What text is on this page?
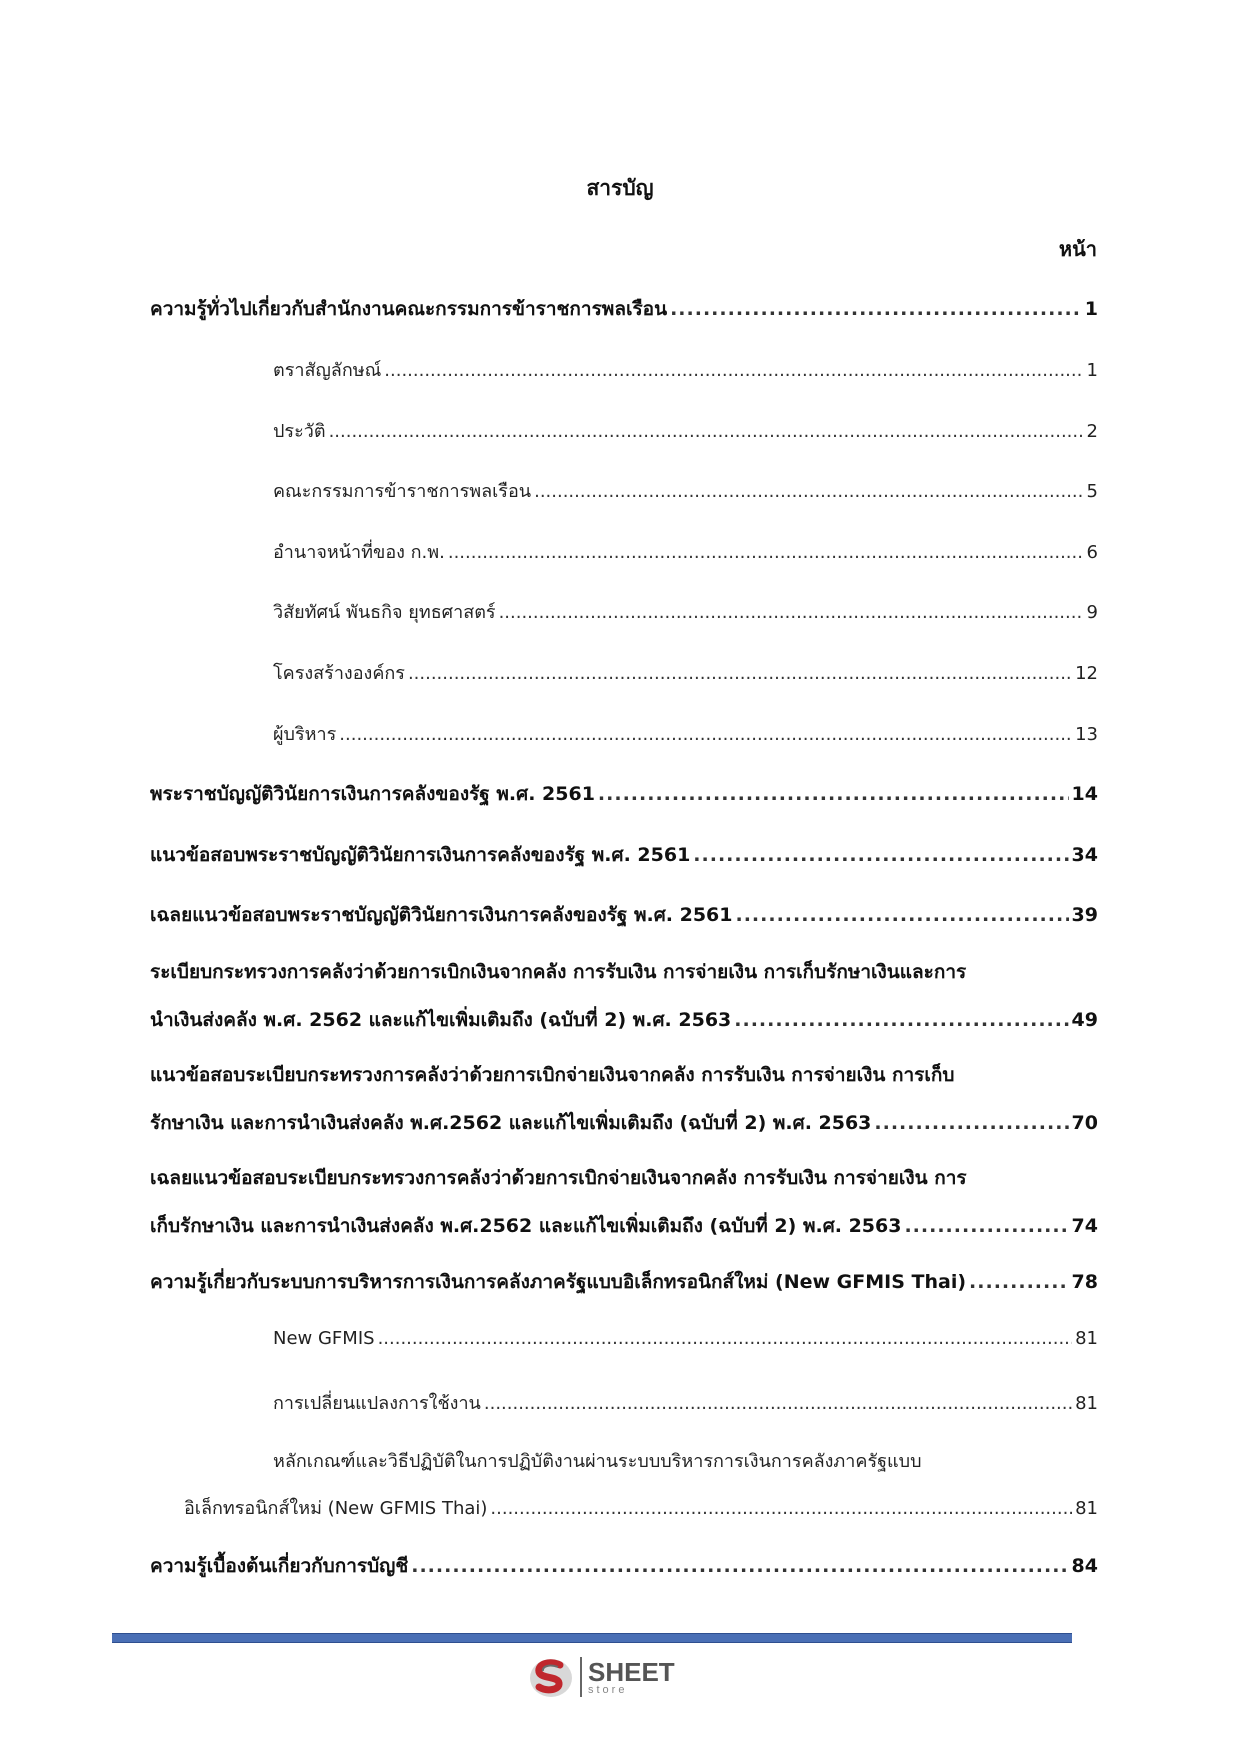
สารบัญ
หน้า
ความรู้ทั่วไปเกี่ยวกับสำนักงานคณะกรรมการข้าราชการพลเรือน .....	1
ตราสัญลักษณ์ .....	1
ประวัติ .....	2
คณะกรรมการข้าราชการพลเรือน .....	5
อำนาจหน้าที่ของ ก.พ. .....	6
วิสัยทัศน์ พันธกิจ ยุทธศาสตร์ .....	9
โครงสร้างองค์กร .....	12
ผู้บริหาร .....	13
พระราชบัญญัติวินัยการเงินการคลังของรัฐ พ.ศ. 2561 .....	14
แนวข้อสอบพระราชบัญญัติวินัยการเงินการคลังของรัฐ พ.ศ. 2561 .....	34
เฉลยแนวข้อสอบพระราชบัญญัติวินัยการเงินการคลังของรัฐ พ.ศ. 2561 .....	39
ระเบียบกระทรวงการคลังว่าด้วยการเบิกเงินจากคลัง การรับเงิน การจ่ายเงิน การเก็บรักษาเงินและการ
นำเงินส่งคลัง พ.ศ. 2562 และแก้ไขเพิ่มเติมถึง (ฉบับที่ 2) พ.ศ. 2563 .....	49
แนวข้อสอบระเบียบกระทรวงการคลังว่าด้วยการเบิกจ่ายเงินจากคลัง การรับเงิน การจ่ายเงิน การเก็บ
รักษาเงิน และการนำเงินส่งคลัง พ.ศ.2562 และแก้ไขเพิ่มเติมถึง (ฉบับที่ 2) พ.ศ. 2563 .....	70
เฉลยแนวข้อสอบระเบียบกระทรวงการคลังว่าด้วยการเบิกจ่ายเงินจากคลัง การรับเงิน การจ่ายเงิน การ
เก็บรักษาเงิน และการนำเงินส่งคลัง พ.ศ.2562 และแก้ไขเพิ่มเติมถึง (ฉบับที่ 2) พ.ศ. 2563 .....	74
ความรู้เกี่ยวกับระบบการบริหารการเงินการคลังภาครัฐแบบอิเล็กทรอนิกส์ใหม่ (New GFMIS Thai) .....	78
New GFMIS .....	81
การเปลี่ยนแปลงการใช้งาน .....	81
หลักเกณฑ์และวิธีปฏิบัติในการปฏิบัติงานผ่านระบบบริหารการเงินการคลังภาครัฐแบบ
อิเล็กทรอนิกส์ใหม่ (New GFMIS Thai) .....	81
ความรู้เบื้องต้นเกี่ยวกับการบัญชี .....	84
SHEET
store
